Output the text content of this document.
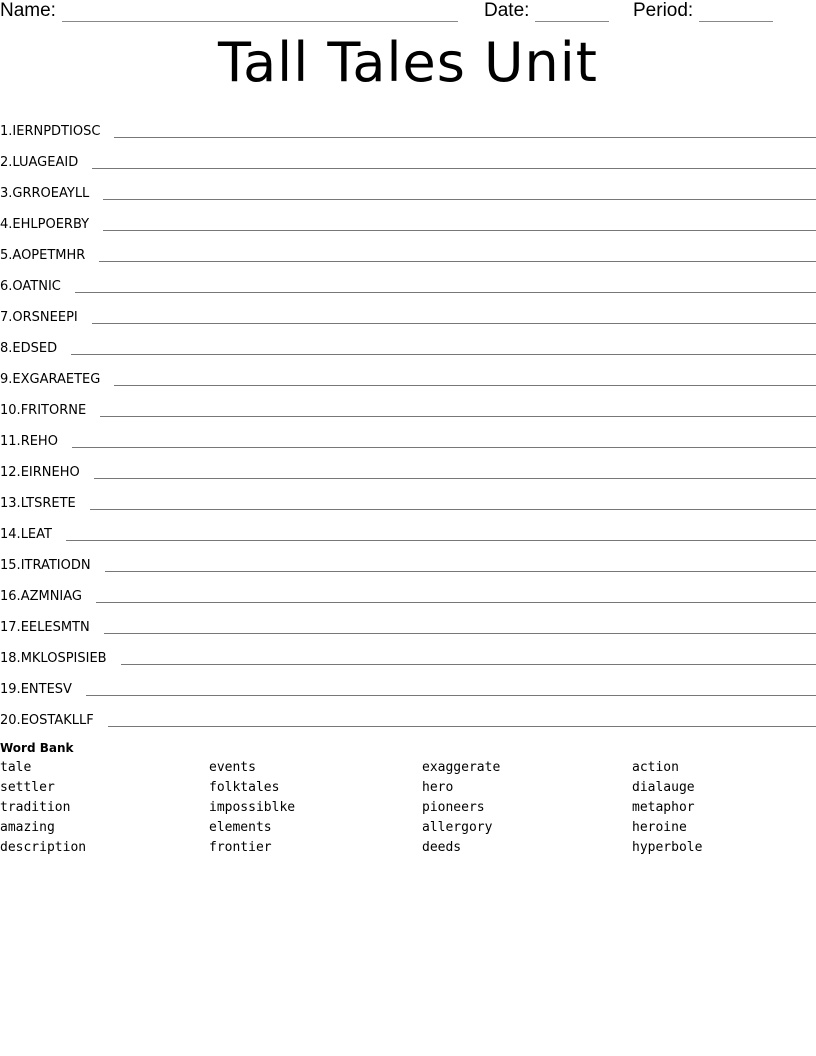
Name:	Date:	Period:
Tall Tales Unit
1. IERNPDTIOSC
2. LUAGEAID
3. GRROEAYLL
4. EHLPOERBY
5. AOPETMHR
6. OATNIC
7. ORSNEEPI
8. EDSED
9. EXGARAETEG
10. FRITORNE
11. REHO
12. EIRNEHO
13. LTSRETE
14. LEAT
15. ITRATIODN
16. AZMNIAG
17. EELESMTN
18. MKLOSPISIEB
19. ENTESV
20. EOSTAKLLF
Word Bank
tale
settler
tradition
amazing
description
events
folktales
impossiblke
elements
frontier
exaggerate
hero
pioneers
allergory
deeds
action
dialauge
metaphor
heroine
hyperbole
